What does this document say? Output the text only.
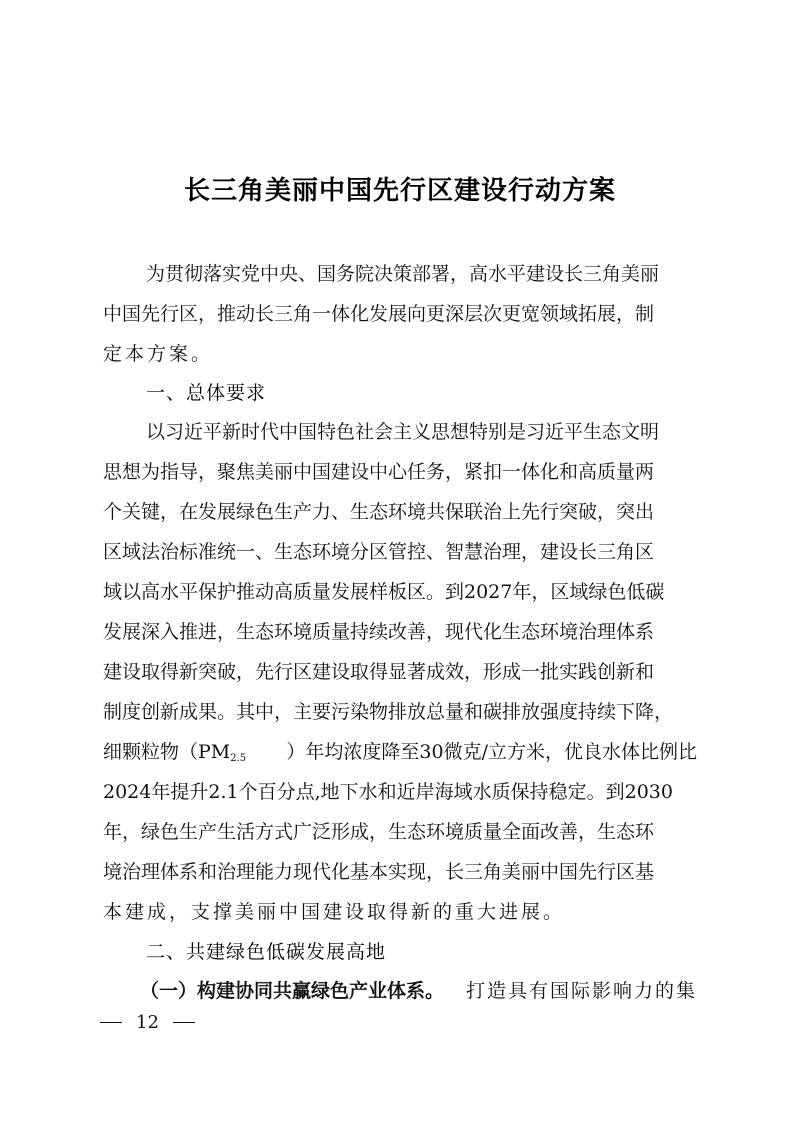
长三角美丽中国先行区建设行动方案
为贯彻落实党中央、国务院决策部署，高水平建设长三角美丽
中国先行区，推动长三角一体化发展向更深层次更宽领域拓展，制
定本方案。
一、总体要求
以习近平新时代中国特色社会主义思想特别是习近平生态文明
思想为指导，聚焦美丽中国建设中心任务，紧扣一体化和高质量两
个关键，在发展绿色生产力、生态环境共保联治上先行突破，突出
区域法治标准统一、生态环境分区管控、智慧治理，建设长三角区
域以高水平保护推动高质量发展样板区。到2027年，区域绿色低碳
发展深入推进，生态环境质量持续改善，现代化生态环境治理体系
建设取得新突破，先行区建设取得显著成效，形成一批实践创新和
制度创新成果。其中，主要污染物排放总量和碳排放强度持续下降，
细颗粒物（$PM_{2.5}$ ）年均浓度降至30微克/立方米，优良水体比例比
2024年提升2.1个百分点,地下水和近岸海域水质保持稳定。到2030
年，绿色生产生活方式广泛形成，生态环境质量全面改善，生态环
境治理体系和治理能力现代化基本实现，长三角美丽中国先行区基
本建成，支撑美丽中国建设取得新的重大进展。
二、共建绿色低碳发展高地
（一）构建协同共赢绿色产业体系。 打造具有国际影响力的集
12
